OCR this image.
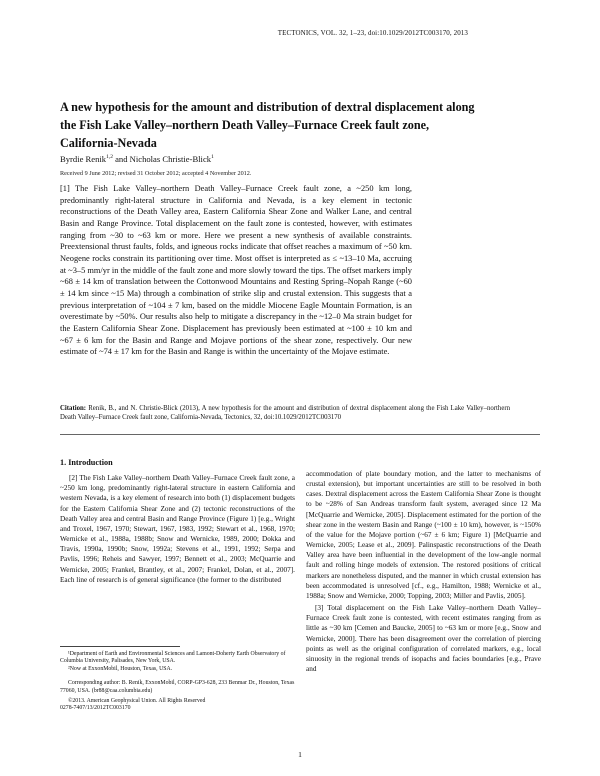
TECTONICS, VOL. 32, 1–23, doi:10.1029/2012TC003170, 2013
A new hypothesis for the amount and distribution of dextral displacement along the Fish Lake Valley–northern Death Valley–Furnace Creek fault zone, California-Nevada
Byrdie Renik$^{1,2}$ and Nicholas Christie-Blick$^1$
Received 9 June 2012; revised 31 October 2012; accepted 4 November 2012.
[1] The Fish Lake Valley–northern Death Valley–Furnace Creek fault zone, a ~250 km long, predominantly right-lateral structure in California and Nevada, is a key element in tectonic reconstructions of the Death Valley area, Eastern California Shear Zone and Walker Lane, and central Basin and Range Province. Total displacement on the fault zone is contested, however, with estimates ranging from ~30 to ~63 km or more. Here we present a new synthesis of available constraints. Preextensional thrust faults, folds, and igneous rocks indicate that offset reaches a maximum of ~50 km. Neogene rocks constrain its partitioning over time. Most offset is interpreted as ≤ ~13–10 Ma, accruing at ~3–5 mm/yr in the middle of the fault zone and more slowly toward the tips. The offset markers imply ~68 ± 14 km of translation between the Cottonwood Mountains and Resting Spring–Nopah Range (~60 ± 14 km since ~15 Ma) through a combination of strike slip and crustal extension. This suggests that a previous interpretation of ~104 ± 7 km, based on the middle Miocene Eagle Mountain Formation, is an overestimate by ~50%. Our results also help to mitigate a discrepancy in the ~12–0 Ma strain budget for the Eastern California Shear Zone. Displacement has previously been estimated at ~100 ± 10 km and ~67 ± 6 km for the Basin and Range and Mojave portions of the shear zone, respectively. Our new estimate of ~74 ± 17 km for the Basin and Range is within the uncertainty of the Mojave estimate.
Citation: Renik, B., and N. Christie-Blick (2013), A new hypothesis for the amount and distribution of dextral displacement along the Fish Lake Valley–northern Death Valley–Furnace Creek fault zone, California-Nevada, Tectonics, 32, doi:10.1029/2012TC003170
1. Introduction

[2] The Fish Lake Valley–northern Death Valley–Furnace Creek fault zone, a ~250 km long, predominantly right-lateral structure in eastern California and western Nevada, is a key element of research into both (1) displacement budgets for the Eastern California Shear Zone and (2) tectonic reconstructions of the Death Valley area and central Basin and Range Province (Figure 1) [e.g., Wright and Troxel, 1967, 1970; Stewart, 1967, 1983, 1992; Stewart et al., 1968, 1970; Wernicke et al., 1988a, 1988b; Snow and Wernicke, 1989, 2000; Dokka and Travis, 1990a, 1990b; Snow, 1992a; Stevens et al., 1991, 1992; Serpa and Pavlis, 1996; Reheis and Sawyer, 1997; Bennett et al., 2003; McQuarrie and Wernicke, 2005; Frankel, Brantley, et al., 2007; Frankel, Dolan, et al., 2007]. Each line of research is of general significance (the former to the distributed

accommodation of plate boundary motion, and the latter to mechanisms of crustal extension), but important uncertainties are still to be resolved in both cases. Dextral displacement across the Eastern California Shear Zone is thought to be ~28% of San Andreas transform fault system, averaged since 12 Ma [McQuarrie and Wernicke, 2005]. Displacement estimated for the portion of the shear zone in the western Basin and Range (~100 ± 10 km), however, is ~150% of the value for the Mojave portion (~67 ± 6 km; Figure 1) [McQuarrie and Wernicke, 2005; Lease et al., 2009]. Palinspastic reconstructions of the Death Valley area have been influential in the development of the low-angle normal fault and rolling hinge models of extension. The restored positions of critical markers are nonetheless disputed, and the manner in which crustal extension has been accommodated is unresolved [cf., e.g., Hamilton, 1988; Wernicke et al., 1988a; Snow and Wernicke, 2000; Topping, 2003; Miller and Pavlis, 2005].

[3] Total displacement on the Fish Lake Valley–northern Death Valley–Furnace Creek fault zone is contested, with recent estimates ranging from as little as ~30 km [Cemen and Baucke, 2005] to ~63 km or more [e.g., Snow and Wernicke, 2000]. There has been disagreement over the correlation of piercing points as well as the original configuration of correlated markers, e.g., local sinuosity in the regional trends of isopachs and facies boundaries [e.g., Prave and

¹Department of Earth and Environmental Sciences and Lamont-Doherty Earth Observatory of Columbia University, Palisades, New York, USA.

²Now at ExxonMobil, Houston, Texas, USA.

Corresponding author: B. Renik, ExxonMobil, CORP-GP3-628, 233 Benmar Dr., Houston, Texas 77060, USA. (br88@caa.columbia.edu)

©2013. American Geophysical Union. All Rights Reserved

0278-7407/13/2012TC003170

1
